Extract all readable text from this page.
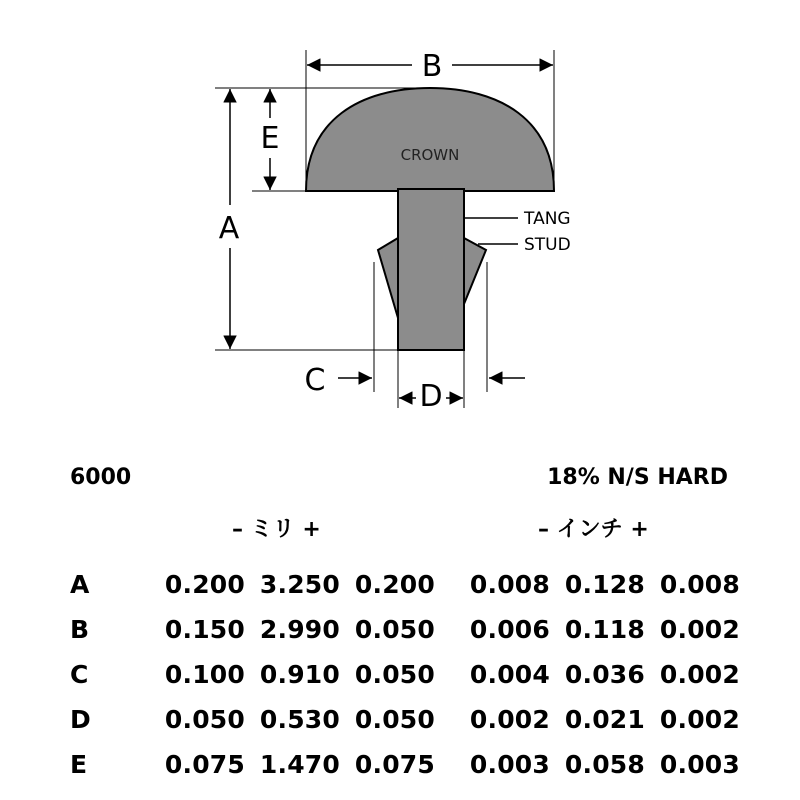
CROWN
B
E
A	TANG
STUD
C	D
6000	18% N/S HARD
– ミリ +	– インチ +
A	0.200	3.250	0.200		0.008	0.128	0.008
B	0.150	2.990	0.050		0.006	0.118	0.002
C	0.100	0.910	0.050		0.004	0.036	0.002
D	0.050	0.530	0.050		0.002	0.021	0.002
E	0.075	1.470	0.075		0.003	0.058	0.003
